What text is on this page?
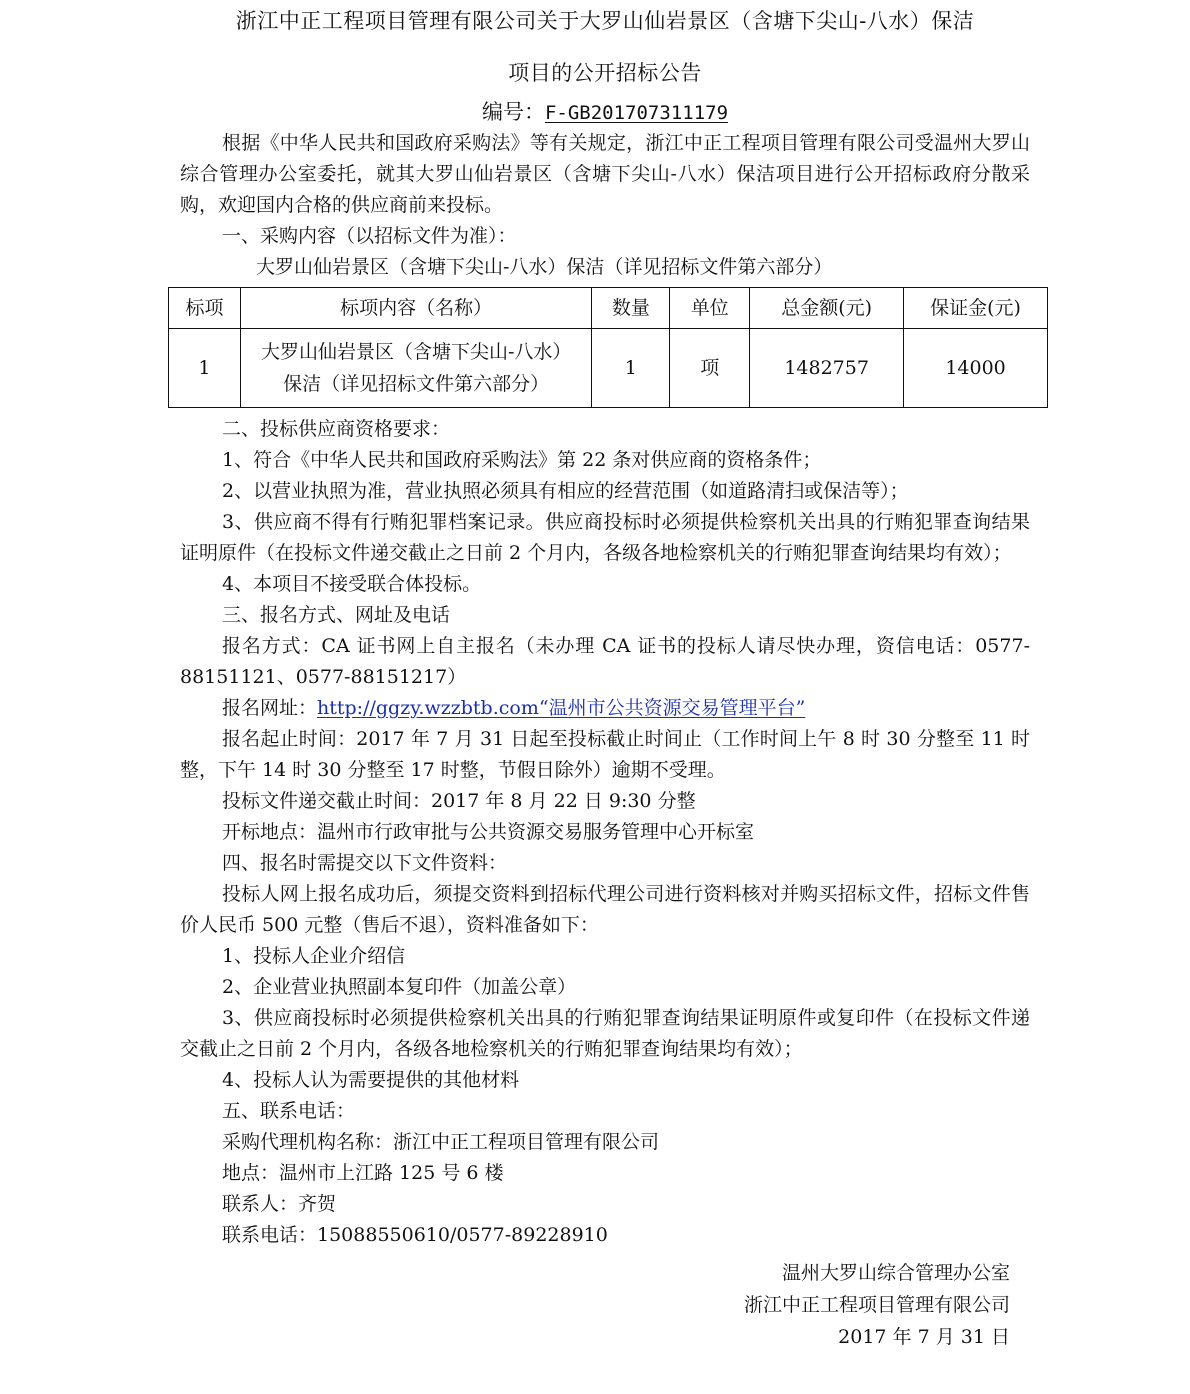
浙江中正工程项目管理有限公司关于大罗山仙岩景区（含塘下尖山-八水）保洁
项目的公开招标公告
编号：F-GB201707311179

根据《中华人民共和国政府采购法》等有关规定，浙江中正工程项目管理有限公司受温州大罗山综合管理办公室委托，就其大罗山仙岩景区（含塘下尖山-八水）保洁项目进行公开招标政府分散采购，欢迎国内合格的供应商前来投标。

一、采购内容（以招标文件为准）：

大罗山仙岩景区（含塘下尖山-八水）保洁（详见招标文件第六部分）

标项	标项内容（名称）	数量	单位	总金额(元)	保证金(元)
1	大罗山仙岩景区（含塘下尖山-八水）
保洁（详见招标文件第六部分）	1	项	1482757	14000

二、投标供应商资格要求：

1、符合《中华人民共和国政府采购法》第 22 条对供应商的资格条件；

2、以营业执照为准，营业执照必须具有相应的经营范围（如道路清扫或保洁等）；

3、供应商不得有行贿犯罪档案记录。供应商投标时必须提供检察机关出具的行贿犯罪查询结果证明原件（在投标文件递交截止之日前 2 个月内，各级各地检察机关的行贿犯罪查询结果均有效）；

4、本项目不接受联合体投标。

三、报名方式、网址及电话

报名方式：CA 证书网上自主报名（未办理 CA 证书的投标人请尽快办理，资信电话：0577-88151121、0577-88151217）

报名网址：http://ggzy.wzzbtb.com“温州市公共资源交易管理平台”

报名起止时间：2017 年 7 月 31 日起至投标截止时间止（工作时间上午 8 时 30 分整至 11 时整，下午 14 时 30 分整至 17 时整，节假日除外）逾期不受理。

投标文件递交截止时间：2017 年 8 月 22 日 9:30 分整

开标地点：温州市行政审批与公共资源交易服务管理中心开标室

四、报名时需提交以下文件资料：

投标人网上报名成功后，须提交资料到招标代理公司进行资料核对并购买招标文件，招标文件售价人民币 500 元整（售后不退），资料准备如下：

1、投标人企业介绍信

2、企业营业执照副本复印件（加盖公章）

3、供应商投标时必须提供检察机关出具的行贿犯罪查询结果证明原件或复印件（在投标文件递交截止之日前 2 个月内，各级各地检察机关的行贿犯罪查询结果均有效）；

4、投标人认为需要提供的其他材料

五、联系电话：

采购代理机构名称：浙江中正工程项目管理有限公司

地点：温州市上江路 125 号 6 楼

联系人：齐贺

联系电话：15088550610/0577-89228910

温州大罗山综合管理办公室

浙江中正工程项目管理有限公司

2017 年 7 月 31 日
